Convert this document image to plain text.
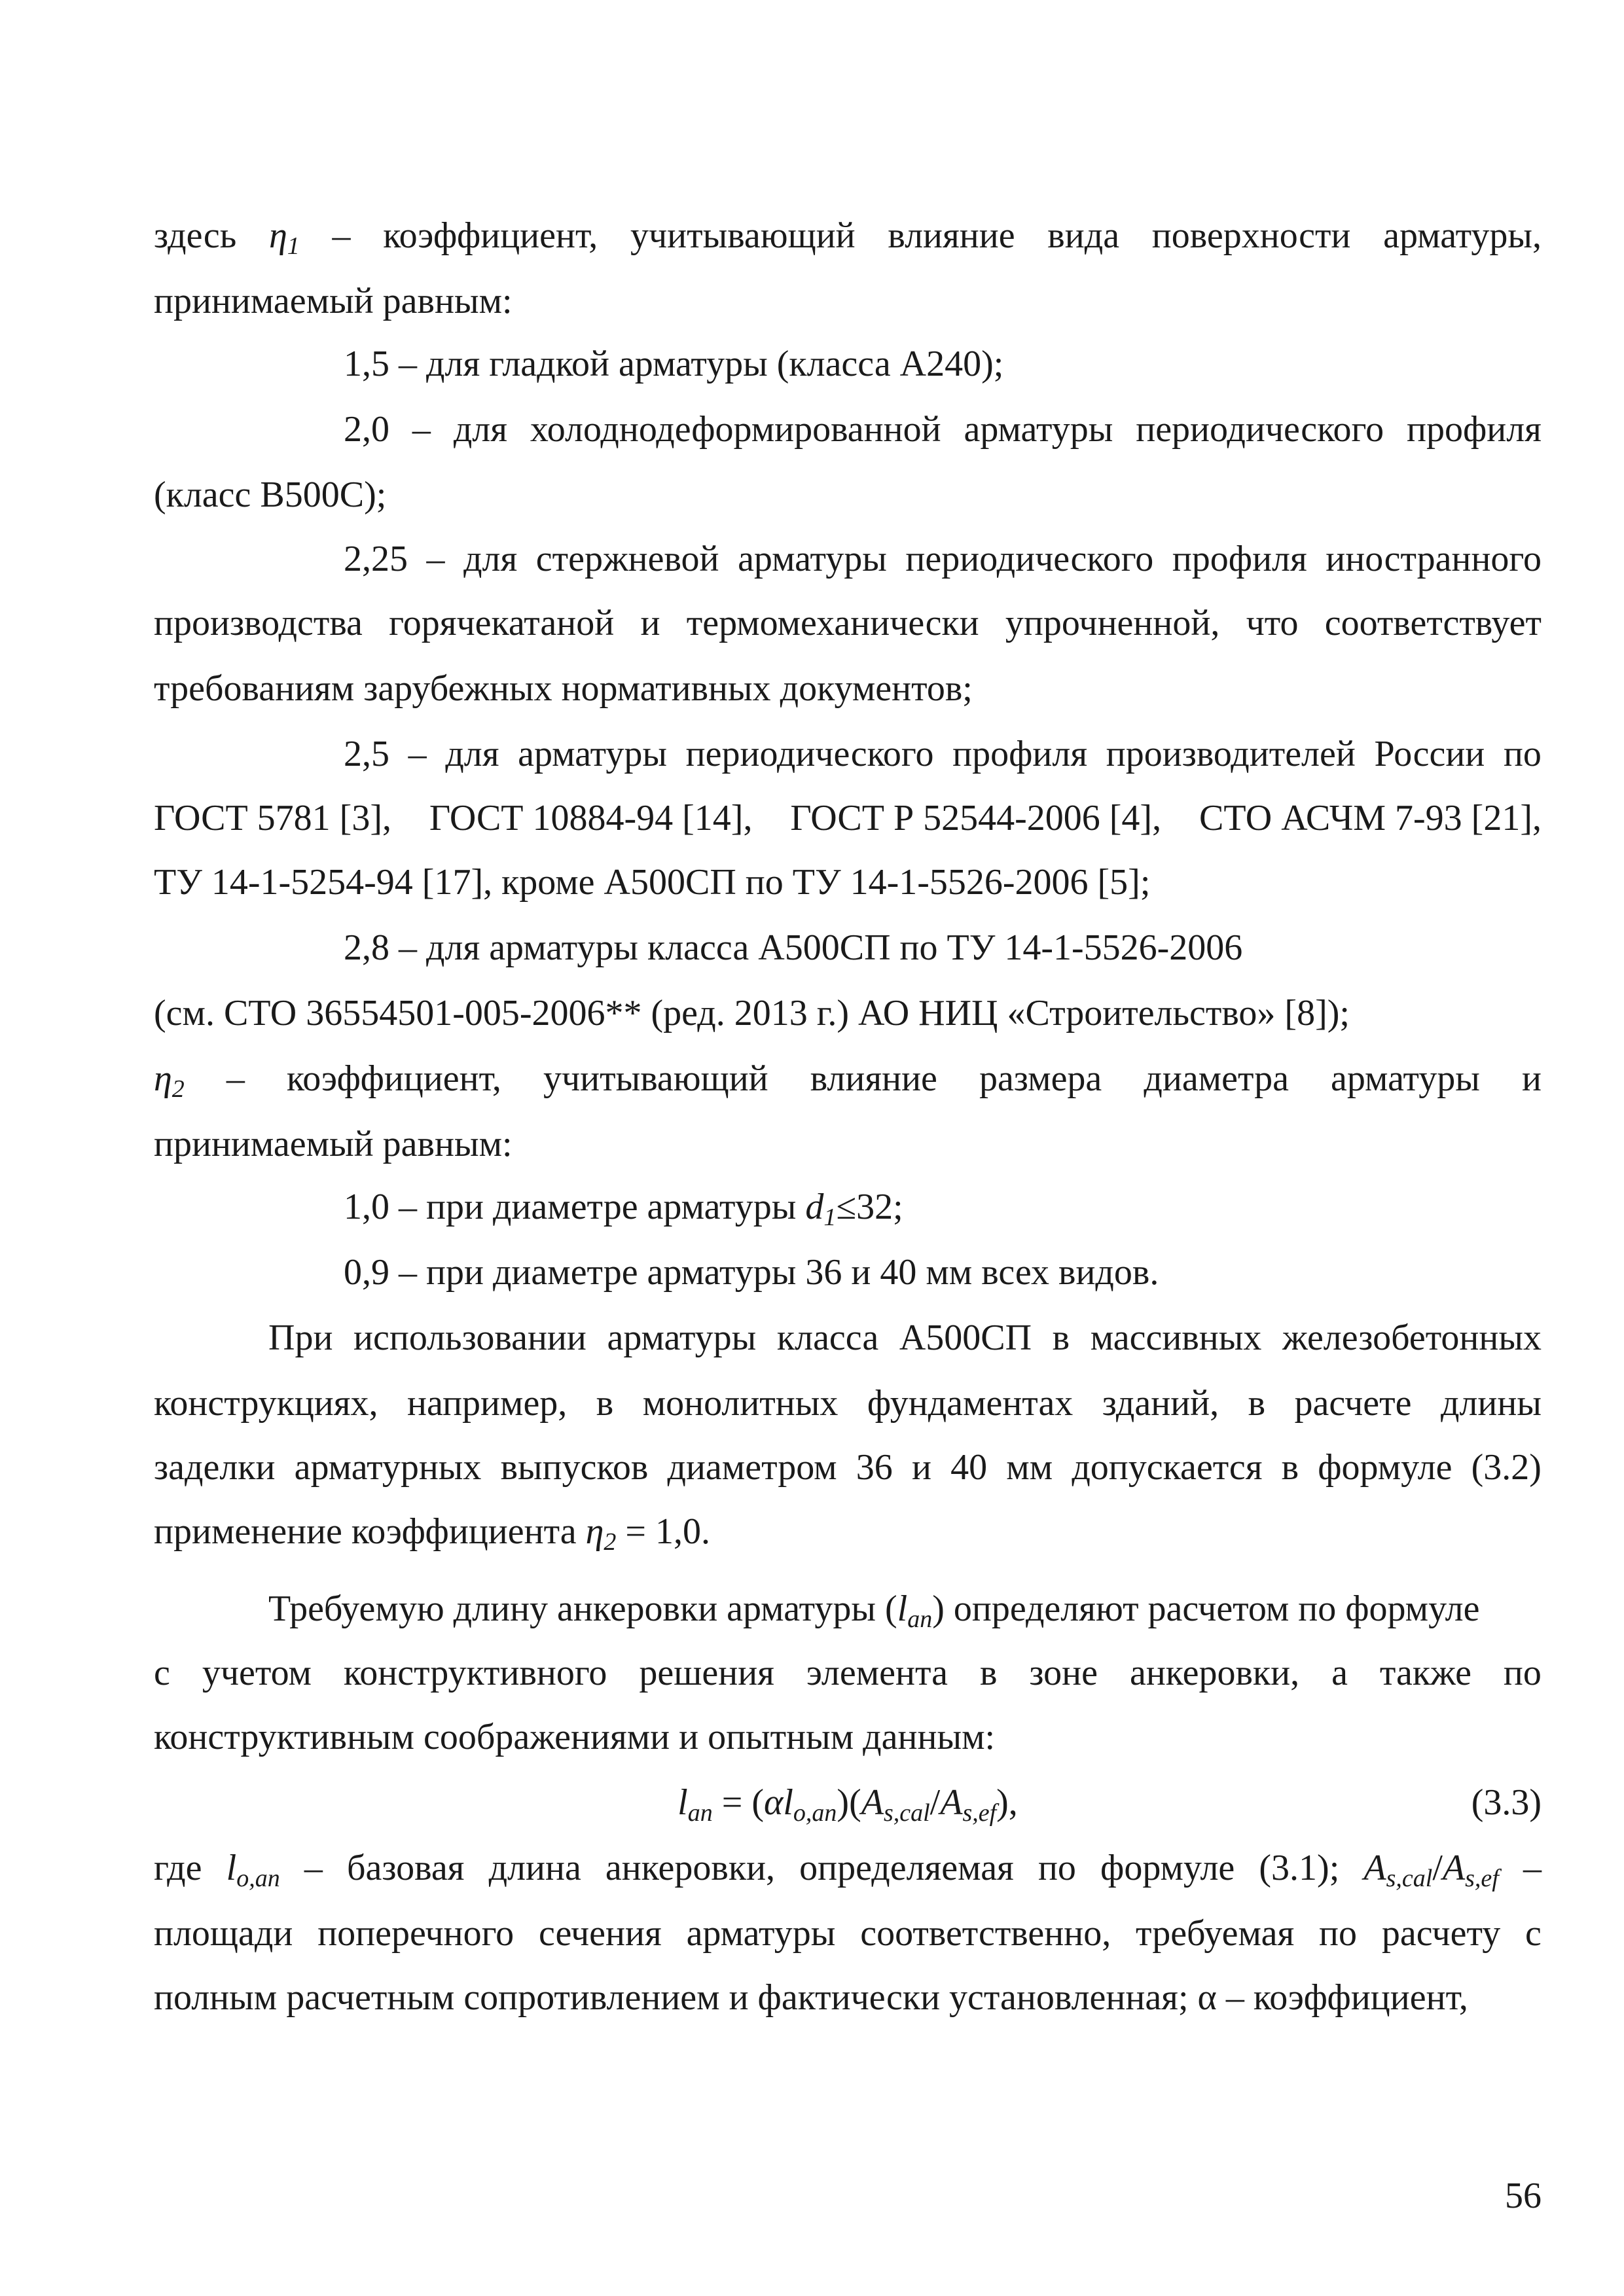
здесь $\eta_1$ – коэффициент, учитывающий влияние вида поверхности арматуры,
принимаемый равным:
1,5 – для гладкой арматуры (класса А240);
2,0 – для холоднодеформированной арматуры периодического профиля
(класс В500С);
2,25 – для стержневой арматуры периодического профиля иностранного
производства горячекатаной и термомеханически упрочненной, что соответствует
требованиям зарубежных нормативных документов;
2,5 – для арматуры периодического профиля производителей России по
ГОСТ 5781 [3], ГОСТ 10884-94 [14], ГОСТ Р 52544-2006 [4], СТО АСЧМ 7-93 [21],
ТУ 14-1-5254-94 [17], кроме А500СП по ТУ 14-1-5526-2006 [5];
2,8 – для арматуры класса А500СП по ТУ 14-1-5526-2006
(см. СТО 36554501-005-2006** (ред. 2013 г.) АО НИЦ «Строительство» [8]);
$\eta_2$ – коэффициент, учитывающий влияние размера диаметра арматуры и
принимаемый равным:
1,0 – при диаметре арматуры $d_1\le 32$;
0,9 – при диаметре арматуры 36 и 40 мм всех видов.
При использовании арматуры класса А500СП в массивных железобетонных
конструкциях, например, в монолитных фундаментах зданий, в расчете длины
заделки арматурных выпусков диаметром 36 и 40 мм допускается в формуле (3.2)
применение коэффициента $\eta_2 = 1,0$.
Требуемую длину анкеровки арматуры $(l_{an})$ определяют расчетом по формуле
с учетом конструктивного решения элемента в зоне анкеровки, а также по
конструктивным соображениями и опытным данным:
$l_{an} = (\alpha l_{o,an})(A_{s,cal}/A_{s,ef})$,	(3.3)
где $l_{o,an}$ – базовая длина анкеровки, определяемая по формуле (3.1); $A_{s,cal}/A_{s,ef}$ –
площади поперечного сечения арматуры соответственно, требуемая по расчету с
полным расчетным сопротивлением и фактически установленная; α – коэффициент,
56
